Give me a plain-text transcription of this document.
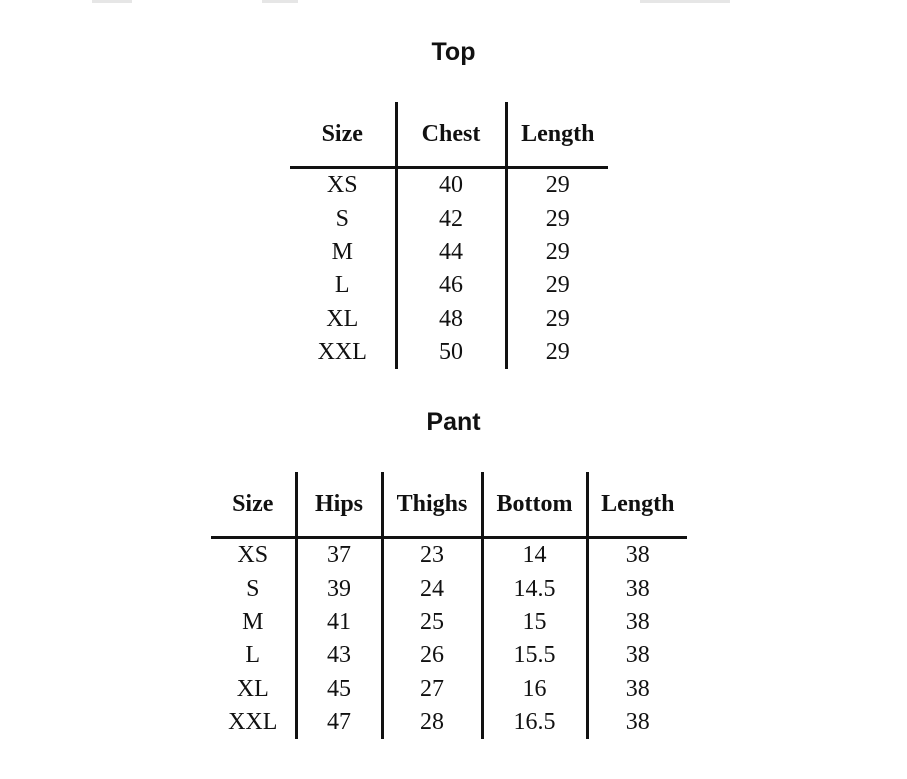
Top
Size	Chest	Length
XS	40	29
S	42	29
M	44	29
L	46	29
XL	48	29
XXL	50	29
Pant
Size	Hips	Thighs	Bottom	Length
XS	37	23	14	38
S	39	24	14.5	38
M	41	25	15	38
L	43	26	15.5	38
XL	45	27	16	38
XXL	47	28	16.5	38
